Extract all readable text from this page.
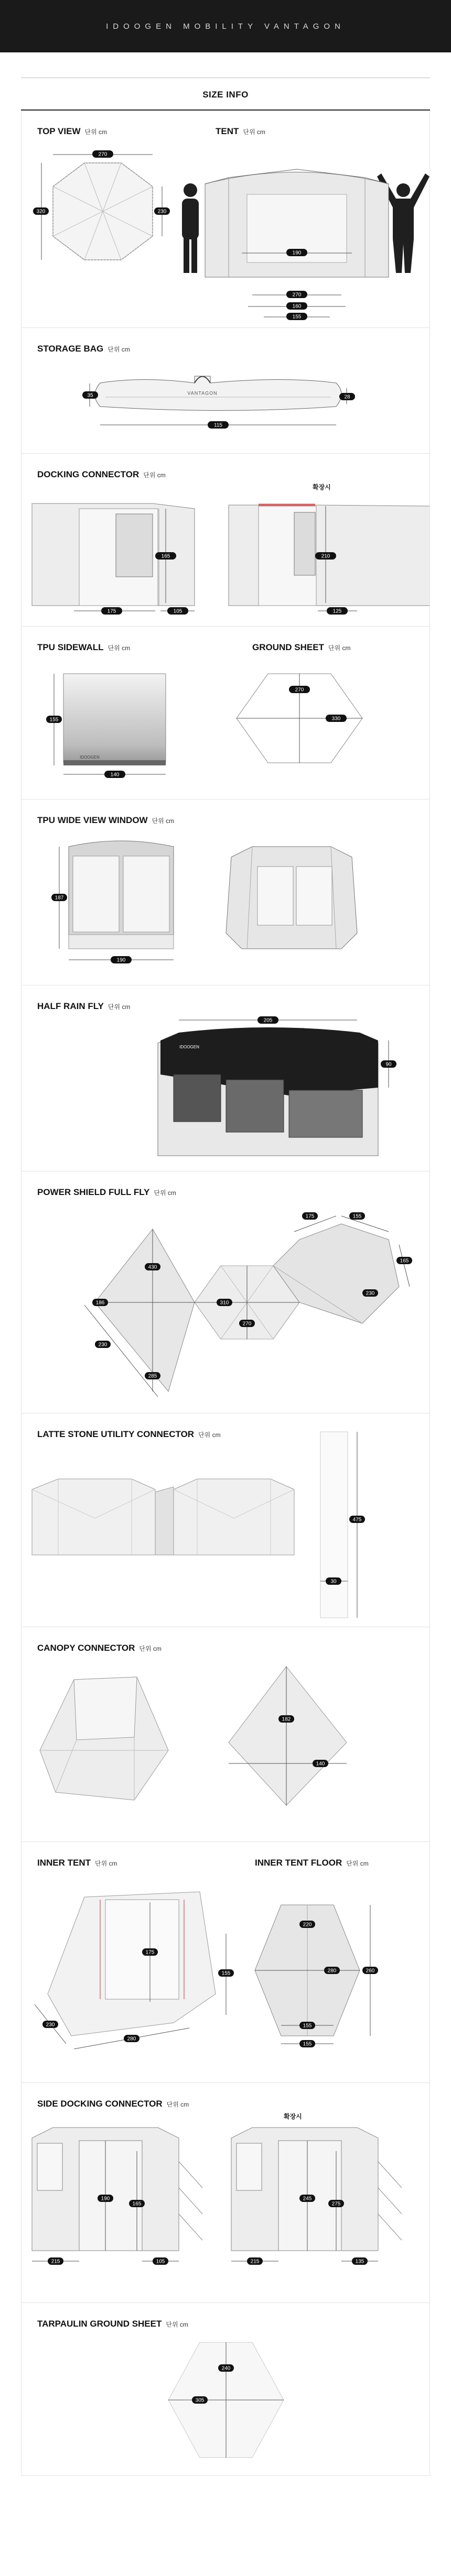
IDOOGEN MOBILITY VANTAGON
SIZE INFO
TOP VIEW 단위 cm	TENT 단위 cm
270
320	230
190
270
160
155
STORAGE BAG 단위 cm
VANTAGON
35	28
115
DOCKING CONNECTOR 단위 cm
확장시
165
175	105
210
125
TPU SIDEWALL 단위 cm	GROUND SHEET 단위 cm
IDOOGEN
155
140
270
330
TPU WIDE VIEW WINDOW 단위 cm
187
190
HALF RAIN FLY 단위 cm
IDOOGEN
205
90
POWER SHIELD FULL FLY 단위 cm
175	155
165
230
430
186	310
270
230
285
LATTE STONE UTILITY CONNECTOR 단위 cm
475
30
CANOPY CONNECTOR 단위 cm
182
140
INNER TENT 단위 cm	INNER TENT FLOOR 단위 cm
175
155
280
230
220
280	260
155
155
SIDE DOCKING CONNECTOR 단위 cm
확장시
190
165
215	105
245
275
215	135
TARPAULIN GROUND SHEET 단위 cm
240
305
